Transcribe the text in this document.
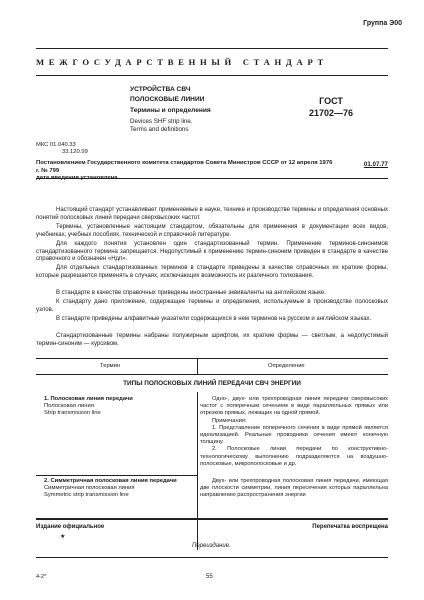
Группа Э00
МЕЖГОСУДАРСТВЕННЫЙ СТАНДАРТ
УСТРОЙСТВА СВЧ
ПОЛОСКОВЫЕ ЛИНИИ
Термины и определения
Devices SHF strip line.
Terms and definitions
ГОСТ
21702—76
МКС 01.040.33
33.120.99
Постановлением Государственного комитета стандартов Совета Министров СССР от 12 апреля 1976 г. № 799
дата введения установлена
01.07.77

Настоящий стандарт устанавливает применяемые в науке, технике и производстве термины и определения основных понятий полосковых линий передачи сверхвысоких частот.

Термины, установленные настоящим стандартом, обязательны для применения в документации всех видов, учебниках, учебных пособиях, технической и справочной литературе.

Для каждого понятия установлен один стандартизованный термин. Применение терминов-синонимов стандартизованного термина запрещается. Недопустимый к применению термин-синоним приведен в стандарте в качестве справочного и обозначен «Ндп».

Для отдельных стандартизованных терминов в стандарте приведены в качестве справочных их краткие формы, которые разрешается применять в случаях, исключающих возможность их различного толкования.

В стандарте в качестве справочных приведены иностранные эквиваленты на английском языке.

К стандарту дано приложение, содержащее термины и определения, используемые в производстве полосковых узлов.

В стандарте приведены алфавитные указатели содержащихся в нем терминов на русском и английском языках.

Стандартизованные термины набраны полужирным шрифтом, их краткие формы — светлым, а недопустимый термин-синоним — курсивом.

Термин	Определение
ТИПЫ ПОЛОСКОВЫХ ЛИНИЙ ПЕРЕДАЧИ СВЧ ЭНЕРГИИ
1. Полосковая линия передачи
Полосковая линия
Strip transmission line

Одно-, двух- или трехпроводная линия передачи сверхвысоких частот с поперечным сечением в виде параллельных прямых или отрезков прямых, лежащих на одной прямой.

Примечания:

1. Представление поперечного сечения в виде прямой является идеализацией. Реальные проводники сечения имеют конечную толщину.

2. Полосковые линии передачи по конструктивно-технологическому выполнению подразделяются на воздушно-полосковые, микрополосковые и др.

2. Симметричная полосковая линия передачи
Симметричная полосковая линия
Symmetric strip transmission line

Двух- или трехпроводная полосковая линия передачи, имеющая две плоскости симметрии, линия пересечения которых параллельна направлению распространения энергии

Издание официальное
★
Перепечатка воспрещена
Переиздание.
4-2*	55
